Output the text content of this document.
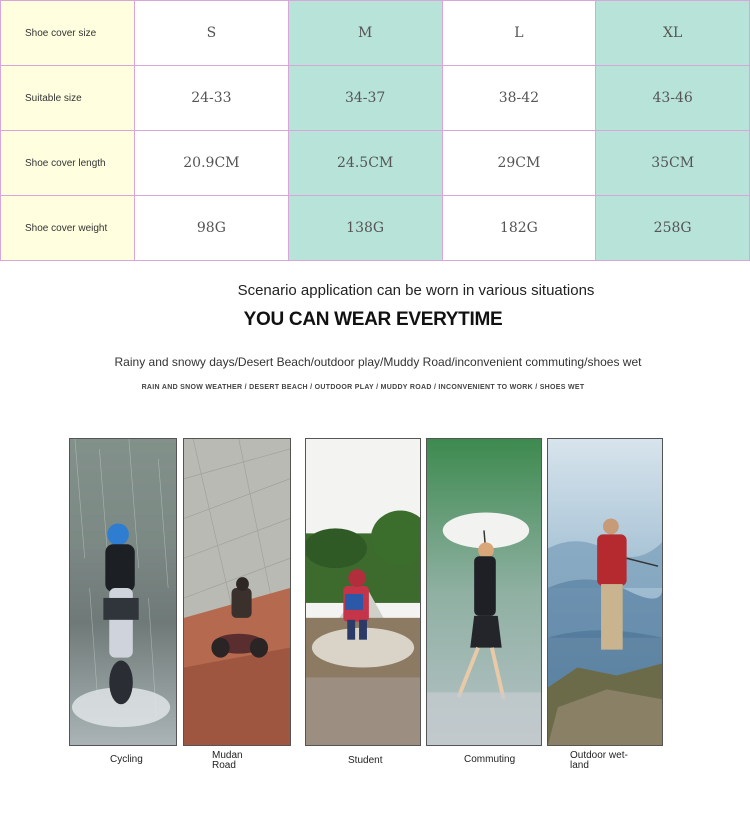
Shoe cover size	S	M	L	XL
Suitable size	24-33	34-37	38-42	43-46
Shoe cover length	20.9CM	24.5CM	29CM	35CM
Shoe cover weight	98G	138G	182G	258G
Scenario application can be worn in various situations
YOU CAN WEAR EVERYTIME
Rainy and snowy days/Desert Beach/outdoor play/Muddy Road/inconvenient commuting/shoes wet
RAIN AND SNOW WEATHER / DESERT BEACH / OUTDOOR PLAY / MUDDY ROAD / INCONVENIENT TO WORK / SHOES WET
Cycling	Mudan
Road	Student	Commuting	Outdoor wet-
land
